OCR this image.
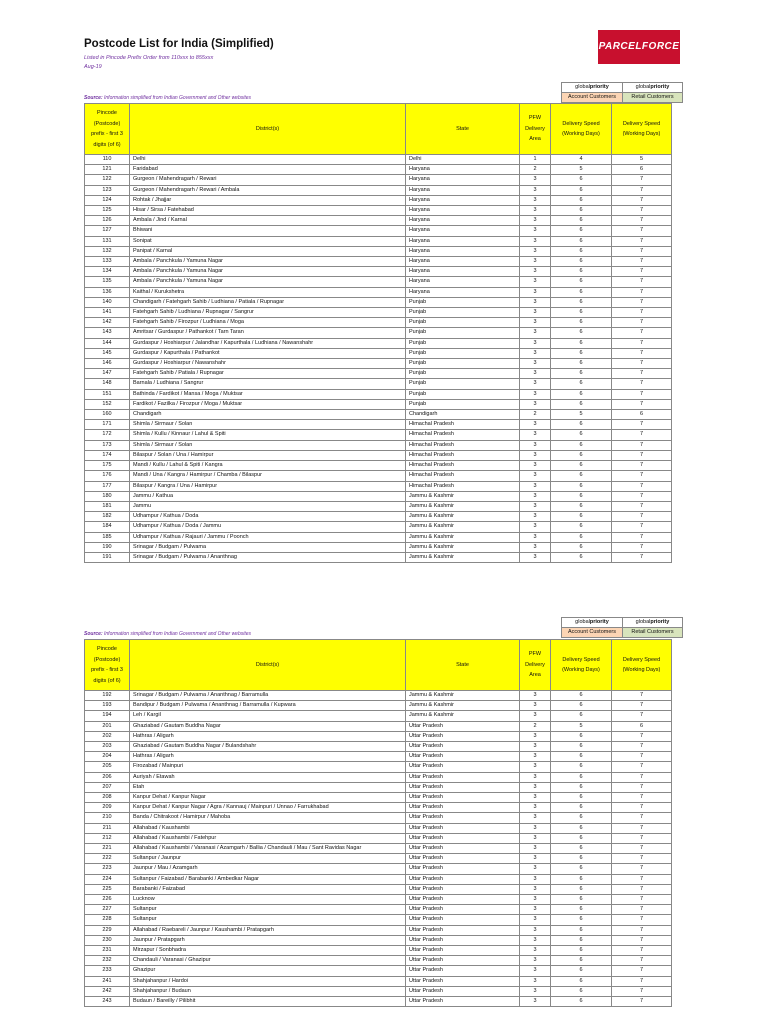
Postcode List for India (Simplified)
Listed in Pincode Prefix Order from 110xxx to 855xxx
Aug-19
PARCELFORCE WORLDWIDE
globalpriority	globalpriority
Account Customers	Retail Customers
Source: Information simplified from Indian Government and Other websites
Pincode (Postcode) prefix - first 3 digits (of 6)	District(s)	State	PFW Delivery Area	Delivery Speed (Working Days)	Delivery Speed (Working Days)
110	Delhi	Delhi	1	4	5
121	Faridabad	Haryana	2	5	6
122	Gurgeon / Mahendragarh / Rewari	Haryana	3	6	7
123	Gurgeon / Mahendragarh / Rewari / Ambala	Haryana	3	6	7
124	Rohtak / Jhajjar	Haryana	3	6	7
125	Hisar / Sirsa / Fatehabad	Haryana	3	6	7
126	Ambala / Jind / Karnal	Haryana	3	6	7
127	Bhiwani	Haryana	3	6	7
131	Sonipat	Haryana	3	6	7
132	Panipat / Karnal	Haryana	3	6	7
133	Ambala / Panchkula / Yamuna Nagar	Haryana	3	6	7
134	Ambala / Panchkula / Yamuna Nagar	Haryana	3	6	7
135	Ambala / Panchkula / Yamuna Nagar	Haryana	3	6	7
136	Kaithal / Kurukshetra	Haryana	3	6	7
140	Chandigarh / Fatehgarh Sahib / Ludhiana / Patiala / Rupnagar	Punjab	3	6	7
141	Fatehgarh Sahib / Ludhiana / Rupnagar / Sangrur	Punjab	3	6	7
142	Fatehgarh Sahib / Firozpur / Ludhiana / Moga	Punjab	3	6	7
143	Amritsar / Gurdaspur / Pathankot / Tarn Taran	Punjab	3	6	7
144	Gurdaspur / Hoshiarpur / Jalandhar / Kapurthala / Ludhiana / Nawanshahr	Punjab	3	6	7
145	Gurdaspur / Kapurthala / Pathankot	Punjab	3	6	7
146	Gurdaspur / Hoshiarpur / Nawanshahr	Punjab	3	6	7
147	Fatehgarh Sahib / Patiala / Rupnagar	Punjab	3	6	7
148	Barnala / Ludhiana / Sangrur	Punjab	3	6	7
151	Bathinda / Fardikot / Mansa / Moga / Muktsar	Punjab	3	6	7
152	Fardikot / Fazilka / Firozpur / Moga / Muktsar	Punjab	3	6	7
160	Chandigarh	Chandigarh	2	5	6
171	Shimla / Sirmaur / Solan	Himachal Pradesh	3	6	7
172	Shimla / Kullu / Kinnaur / Lahul & Spiti	Himachal Pradesh	3	6	7
173	Shimla / Sirmaur / Solan	Himachal Pradesh	3	6	7
174	Bilaspur / Solan / Una / Hamirpur	Himachal Pradesh	3	6	7
175	Mandi / Kullu / Lahul & Spiti / Kangra	Himachal Pradesh	3	6	7
176	Mandi / Una / Kangra / Hamirpur / Chamba / Bilaspur	Himachal Pradesh	3	6	7
177	Bilaspur / Kangra / Una / Hamirpur	Himachal Pradesh	3	6	7
180	Jammu / Kathua	Jammu & Kashmir	3	6	7
181	Jammu	Jammu & Kashmir	3	6	7
182	Udhampur / Kathua / Doda	Jammu & Kashmir	3	6	7
184	Udhampur / Kathua / Doda / Jammu	Jammu & Kashmir	3	6	7
185	Udhampur / Kathua / Rajauri / Jammu / Poonch	Jammu & Kashmir	3	6	7
190	Srinagar / Budgam / Pulwama	Jammu & Kashmir	3	6	7
191	Srinagar / Budgam / Pulwama / Ananthnag	Jammu & Kashmir	3	6	7
globalpriority	globalpriority
Account Customers	Retail Customers
Source: Information simplified from Indian Government and Other websites
Pincode (Postcode) prefix - first 3 digits (of 6)	District(s)	State	PFW Delivery Area	Delivery Speed (Working Days)	Delivery Speed (Working Days)
192	Srinagar / Budgam / Pulwama / Ananthnag / Barramulla	Jammu & Kashmir	3	6	7
193	Bandipur / Budgam / Pulwama / Ananthnag / Barramulla / Kupwara	Jammu & Kashmir	3	6	7
194	Leh / Kargil	Jammu & Kashmir	3	6	7
201	Ghaziabad / Gautam Buddha Nagar	Uttar Pradesh	2	5	6
202	Hathras / Aligarh	Uttar Pradesh	3	6	7
203	Ghaziabad / Gautam Buddha Nagar / Bulandshahr	Uttar Pradesh	3	6	7
204	Hathras / Aligarh	Uttar Pradesh	3	6	7
205	Firozabad / Mainpuri	Uttar Pradesh	3	6	7
206	Auriyah / Etawah	Uttar Pradesh	3	6	7
207	Etah	Uttar Pradesh	3	6	7
208	Kanpur Dehat / Kanpur Nagar	Uttar Pradesh	3	6	7
209	Kanpur Dehat / Kanpur Nagar / Agra / Kannauj / Mainpuri / Unnao / Farrukhabad	Uttar Pradesh	3	6	7
210	Banda / Chitrakoot / Hamirpur / Mahoba	Uttar Pradesh	3	6	7
211	Allahabad / Kaushambi	Uttar Pradesh	3	6	7
212	Allahabad / Kaushambi / Fatehpur	Uttar Pradesh	3	6	7
221	Allahabad / Kaushambi / Varanasi / Azamgarh / Ballia / Chandauli / Mau / Sant Ravidas Nagar	Uttar Pradesh	3	6	7
222	Sultanpur / Jaunpur	Uttar Pradesh	3	6	7
223	Jaunpur / Mau / Azamgarh	Uttar Pradesh	3	6	7
224	Sultanpur / Faizabad / Barabanki / Ambedkar Nagar	Uttar Pradesh	3	6	7
225	Barabanki / Faizabad	Uttar Pradesh	3	6	7
226	Lucknow	Uttar Pradesh	3	6	7
227	Sultanpur	Uttar Pradesh	3	6	7
228	Sultanpur	Uttar Pradesh	3	6	7
229	Allahabad / Raebareli / Jaunpur / Kaushambi / Pratapgarh	Uttar Pradesh	3	6	7
230	Jaunpur / Pratapgarh	Uttar Pradesh	3	6	7
231	Mirzapur / Sonbhadra	Uttar Pradesh	3	6	7
232	Chandauli / Varanasi / Ghazipur	Uttar Pradesh	3	6	7
233	Ghazipur	Uttar Pradesh	3	6	7
241	Shahjahanpur / Hardoi	Uttar Pradesh	3	6	7
242	Shahjahanpur / Budaun	Uttar Pradesh	3	6	7
243	Budaun / Bareilly / Pilibhit	Uttar Pradesh	3	6	7
